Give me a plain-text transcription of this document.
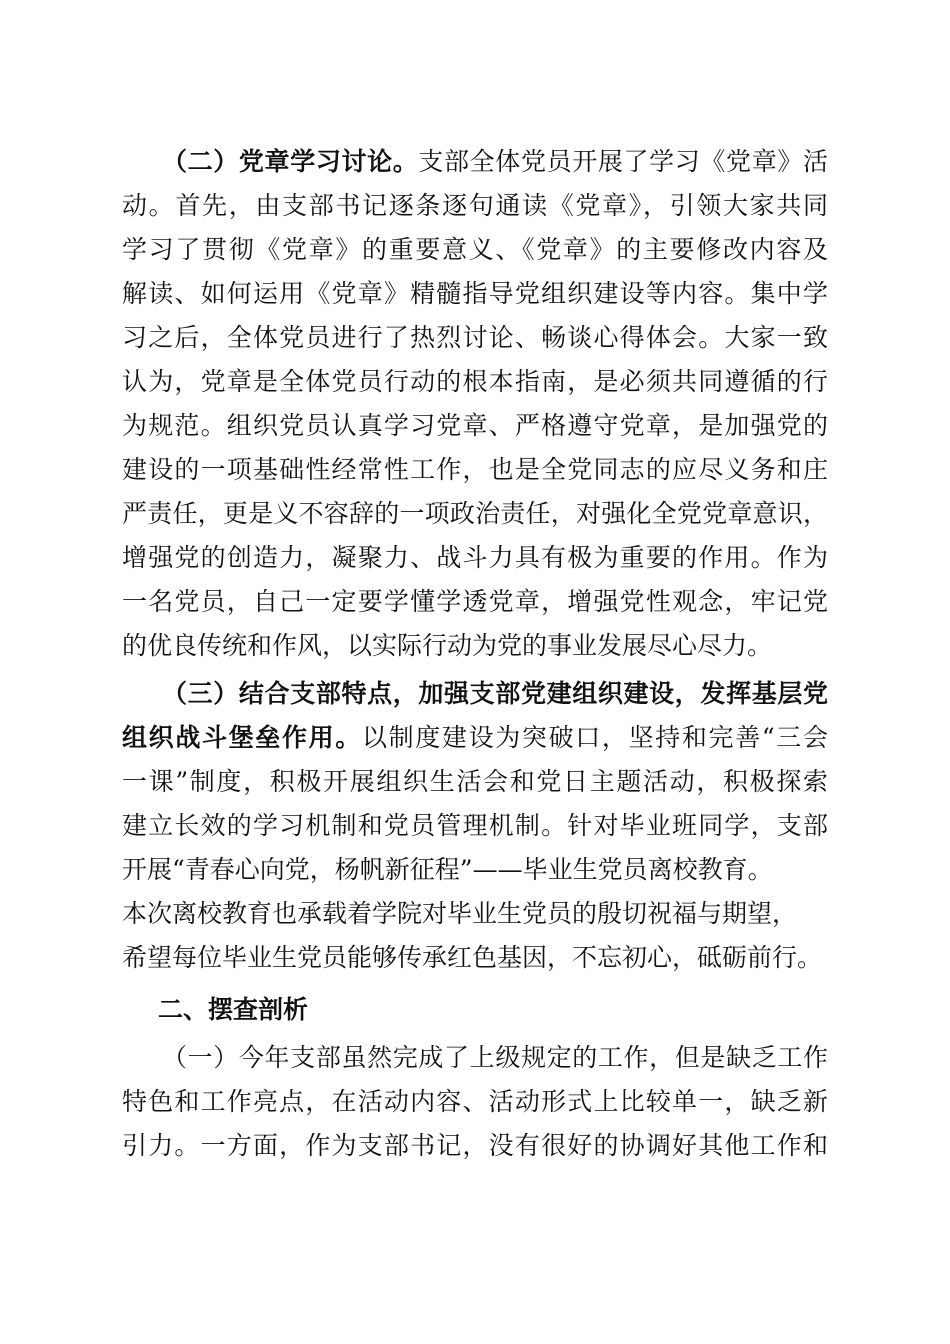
（二）党章学习讨论。支部全体党员开展了学习《党章》活
动。首先，由支部书记逐条逐句通读《党章》，引领大家共同
学习了贯彻《党章》的重要意义、《党章》的主要修改内容及
解读、如何运用《党章》精髓指导党组织建设等内容。集中学
习之后，全体党员进行了热烈讨论、畅谈心得体会。大家一致
认为，党章是全体党员行动的根本指南，是必须共同遵循的行
为规范。组织党员认真学习党章、严格遵守党章，是加强党的
建设的一项基础性经常性工作，也是全党同志的应尽义务和庄
严责任，更是义不容辞的一项政治责任，对强化全党党章意识，
增强党的创造力，凝聚力、战斗力具有极为重要的作用。作为
一名党员，自己一定要学懂学透党章，增强党性观念，牢记党
的优良传统和作风，以实际行动为党的事业发展尽心尽力。
（三）结合支部特点，加强支部党建组织建设，发挥基层党
组织战斗堡垒作用。以制度建设为突破口，坚持和完善“三会
一课”制度，积极开展组织生活会和党日主题活动，积极探索
建立长效的学习机制和党员管理机制。针对毕业班同学，支部
开展“青春心向党，杨帆新征程”——毕业生党员离校教育。
本次离校教育也承载着学院对毕业生党员的殷切祝福与期望，
希望每位毕业生党员能够传承红色基因，不忘初心，砥砺前行。
二、摆查剖析
（一）今年支部虽然完成了上级规定的工作，但是缺乏工作
特色和工作亮点，在活动内容、活动形式上比较单一，缺乏新
引力。一方面，作为支部书记，没有很好的协调好其他工作和
